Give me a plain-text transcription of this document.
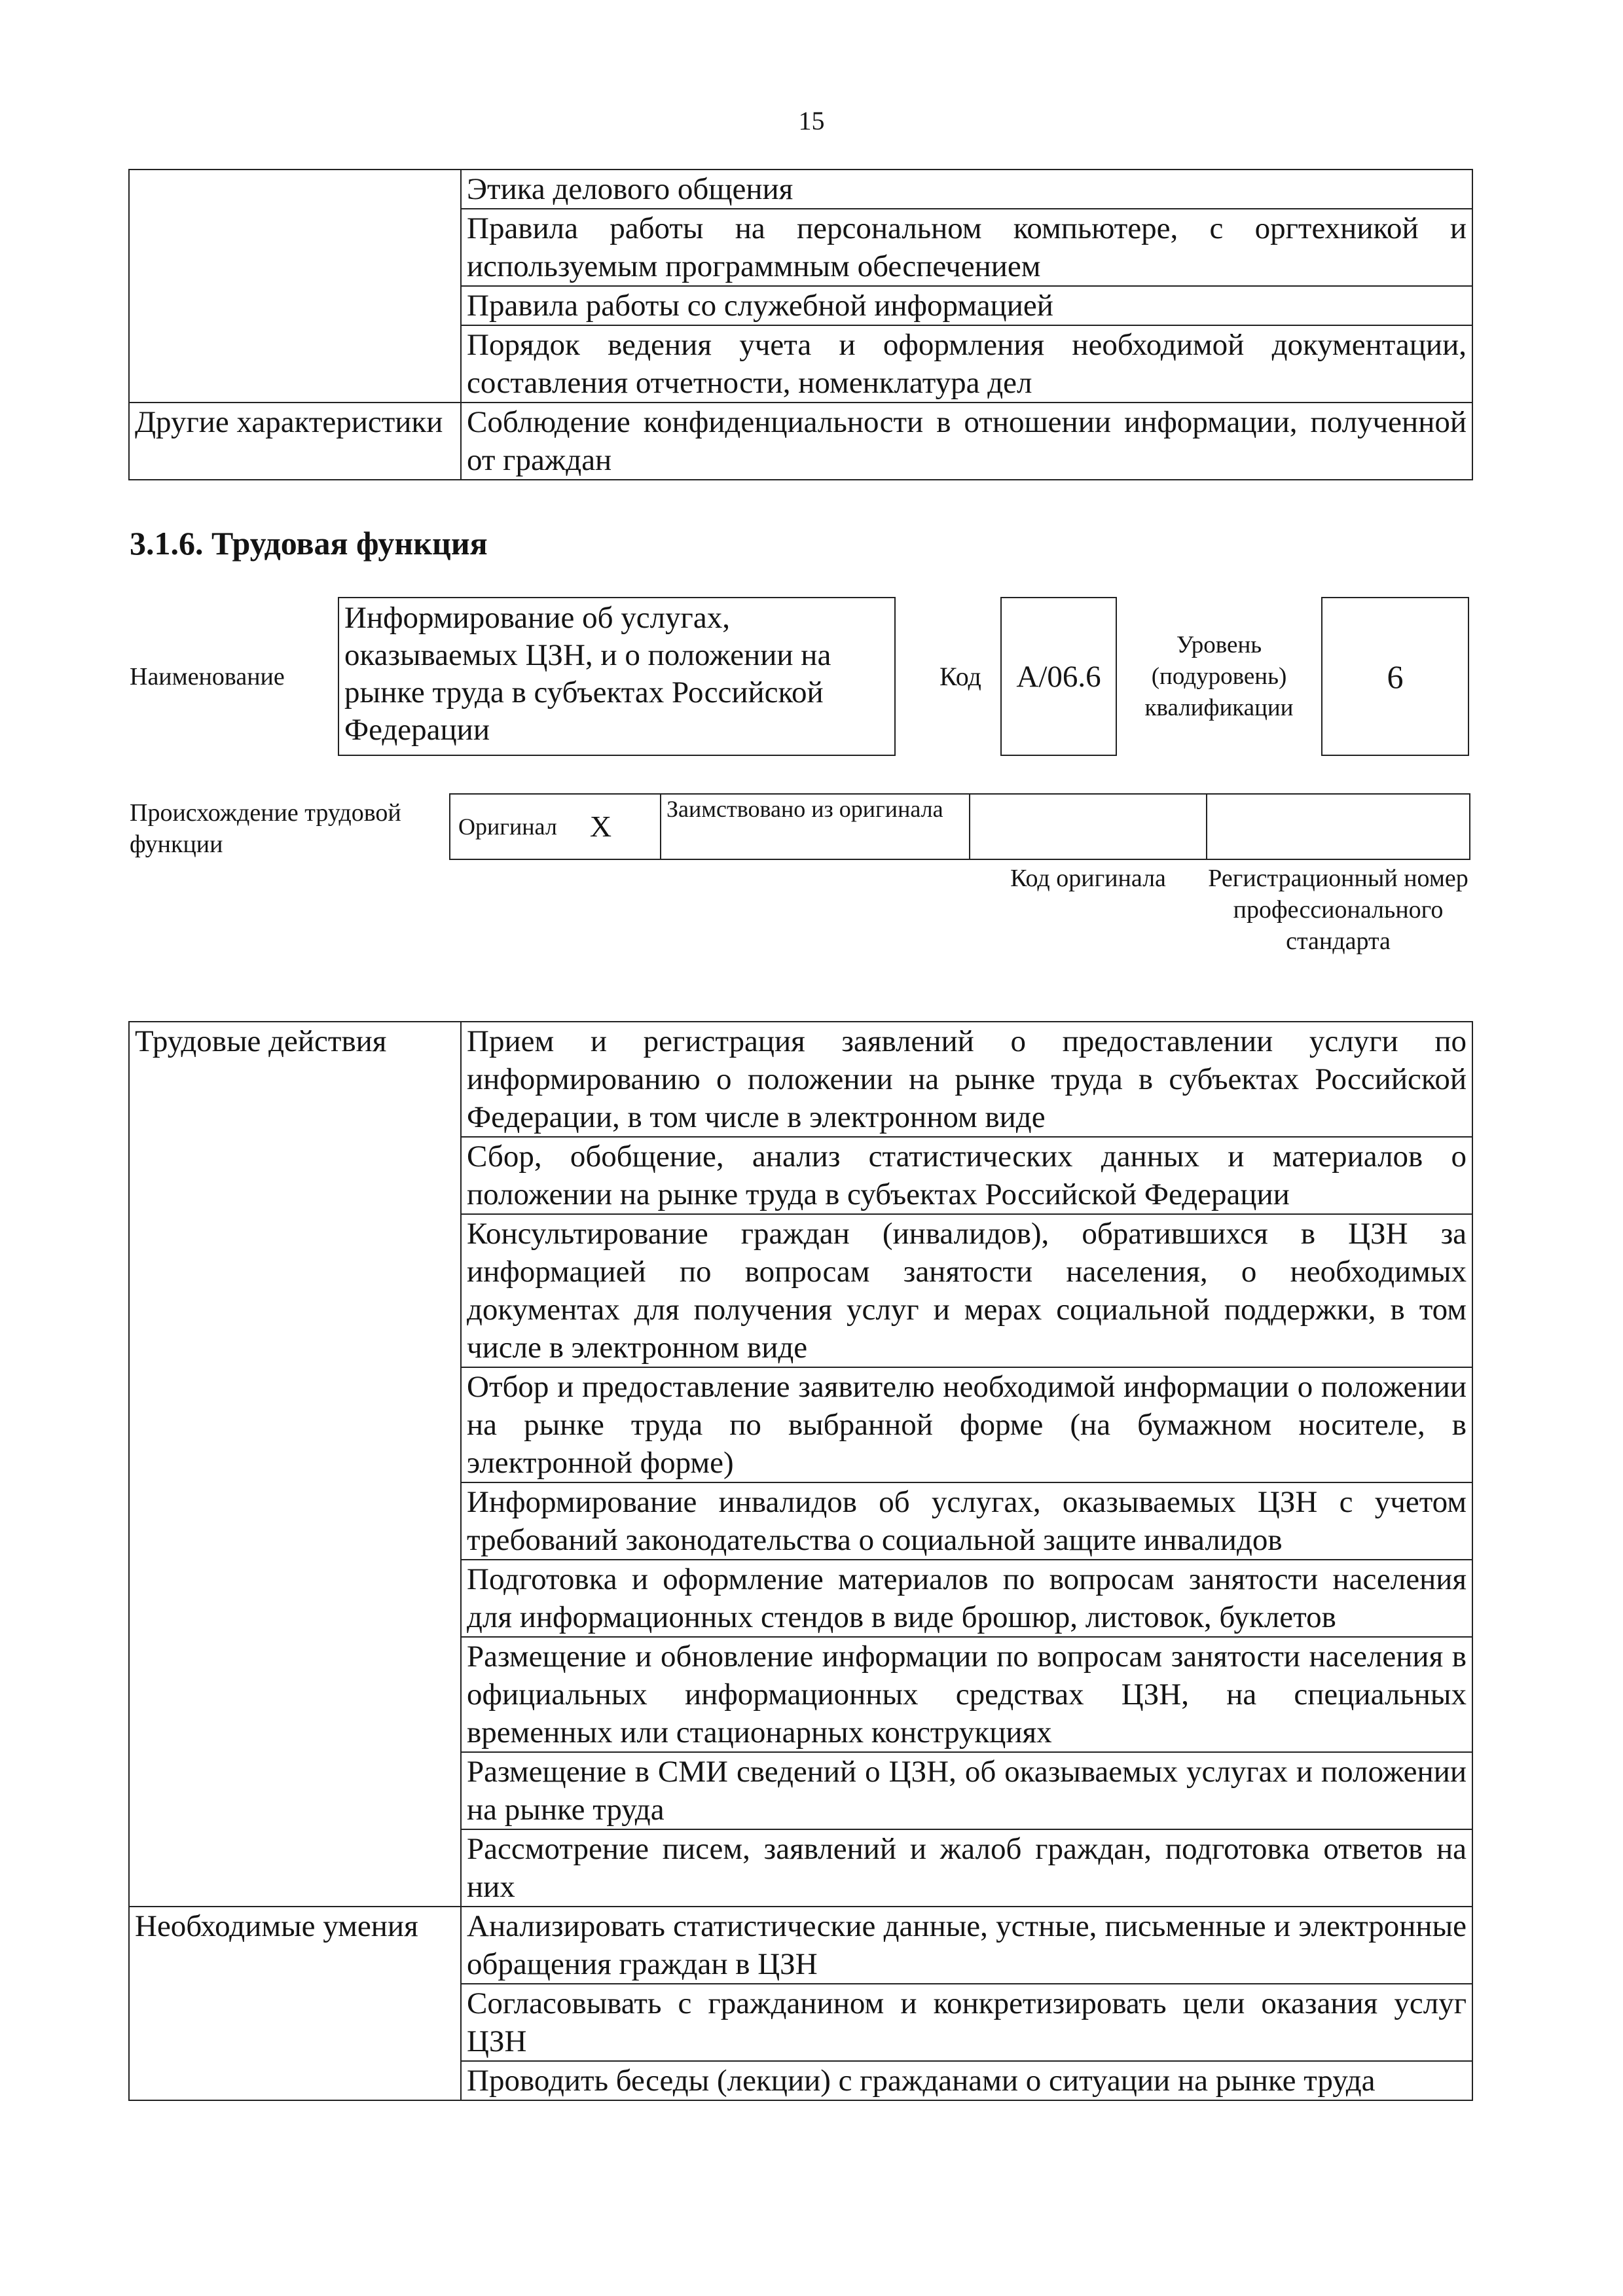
15
	Этика делового общения
	Правила работы на персональном компьютере, с оргтехникой и используемым программным обеспечением
	Правила работы со служебной информацией
	Порядок ведения учета и оформления необходимой документации, составления отчетности, номенклатура дел
Другие характеристики	Соблюдение конфиденциальности в отношении информации, полученной от граждан
3.1.6. Трудовая функция
Наименование
Информирование об услугах, оказываемых ЦЗН, и о положении на рынке труда в субъектах Российской Федерации
Код	А/06.6
Уровень (подуровень) квалификации
6
Происхождение трудовой функции
Оригинал X
Заимствовано из оригинала
Код оригинала	Регистрационный номер профессионального стандарта
Трудовые действия	Прием и регистрация заявлений о предоставлении услуги по информированию о положении на рынке труда в субъектах Российской Федерации, в том числе в электронном виде
	Сбор, обобщение, анализ статистических данных и материалов о положении на рынке труда в субъектах Российской Федерации
	Консультирование граждан (инвалидов), обратившихся в ЦЗН за информацией по вопросам занятости населения, о необходимых документах для получения услуг и мерах социальной поддержки, в том числе в электронном виде
	Отбор и предоставление заявителю необходимой информации о положении на рынке труда по выбранной форме (на бумажном носителе, в электронной форме)
	Информирование инвалидов об услугах, оказываемых ЦЗН с учетом требований законодательства о социальной защите инвалидов
	Подготовка и оформление материалов по вопросам занятости населения для информационных стендов в виде брошюр, листовок, буклетов
	Размещение и обновление информации по вопросам занятости населения в официальных информационных средствах ЦЗН, на специальных временных или стационарных конструкциях
	Размещение в СМИ сведений о ЦЗН, об оказываемых услугах и положении на рынке труда
	Рассмотрение писем, заявлений и жалоб граждан, подготовка ответов на них
Необходимые умения	Анализировать статистические данные, устные, письменные и электронные обращения граждан в ЦЗН
	Согласовывать с гражданином и конкретизировать цели оказания услуг ЦЗН
	Проводить беседы (лекции) с гражданами о ситуации на рынке труда
